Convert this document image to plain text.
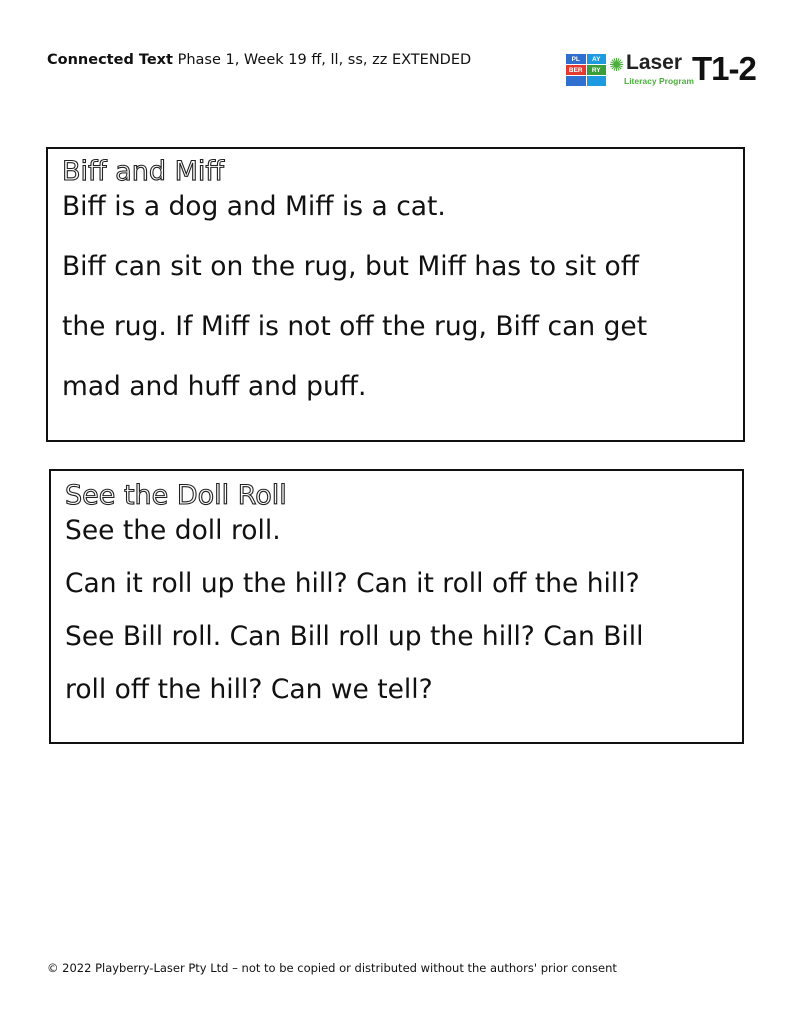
Connected Text Phase 1, Week 19 ff, ll, ss, zz EXTENDED	PL	AY
BER	RY ✺ Laser
Literacy Program
T1-2
Biff and Miff
Biff is a dog and Miff is a cat.
Biff can sit on the rug, but Miff has to sit off
the rug. If Miff is not off the rug, Biff can get
mad and huff and puff.
See the Doll Roll
See the doll roll.
Can it roll up the hill? Can it roll off the hill?
See Bill roll. Can Bill roll up the hill? Can Bill
roll off the hill? Can we tell?
© 2022 Playberry-Laser Pty Ltd – not to be copied or distributed without the authors' prior consent
